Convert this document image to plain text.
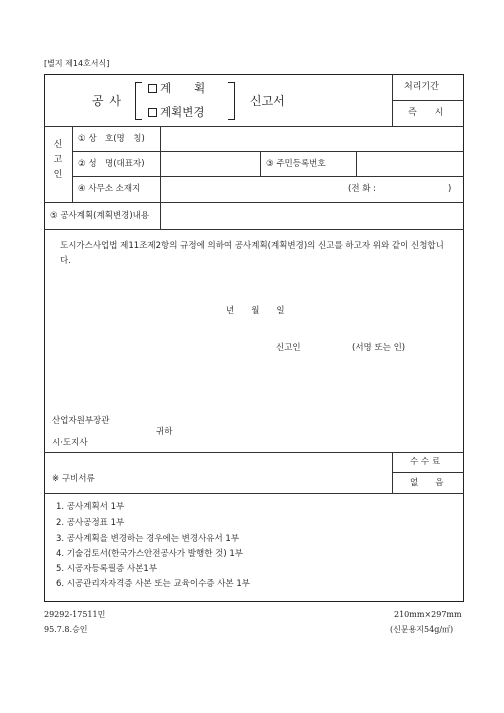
[별지 제14호서식]
공 사
계　　획
계획변경
신고서
처리기간
즉　　시
신
고
인
① 상　호(명　칭)
② 성　명(대표자)	③ 주민등록번호
④ 사무소 소재지	(전 화 :	)
⑤ 공사계획(계획변경)내용
도시가스사업법 제11조제2항의 규정에 의하여 공사계획(계획변경)의 신고를 하고자 위와 같이 신청합니다.
년　　월　　일
신고인	(서명 또는 인)
산업자원부장관
귀하
시·도지사
※ 구비서류
수 수 료
없　　음
1. 공사계획서 1부
2. 공사공정표 1부
3. 공사계획을 변경하는 경우에는 변경사유서 1부
4. 기술검토서(한국가스안전공사가 발행한 것) 1부
5. 시공자등록필증 사본1부
6. 시공관리자자격증 사본 또는 교육이수증 사본 1부
29292-17511민
95.7.8.승인
210mm×297mm
(신문용지54g/㎡)
